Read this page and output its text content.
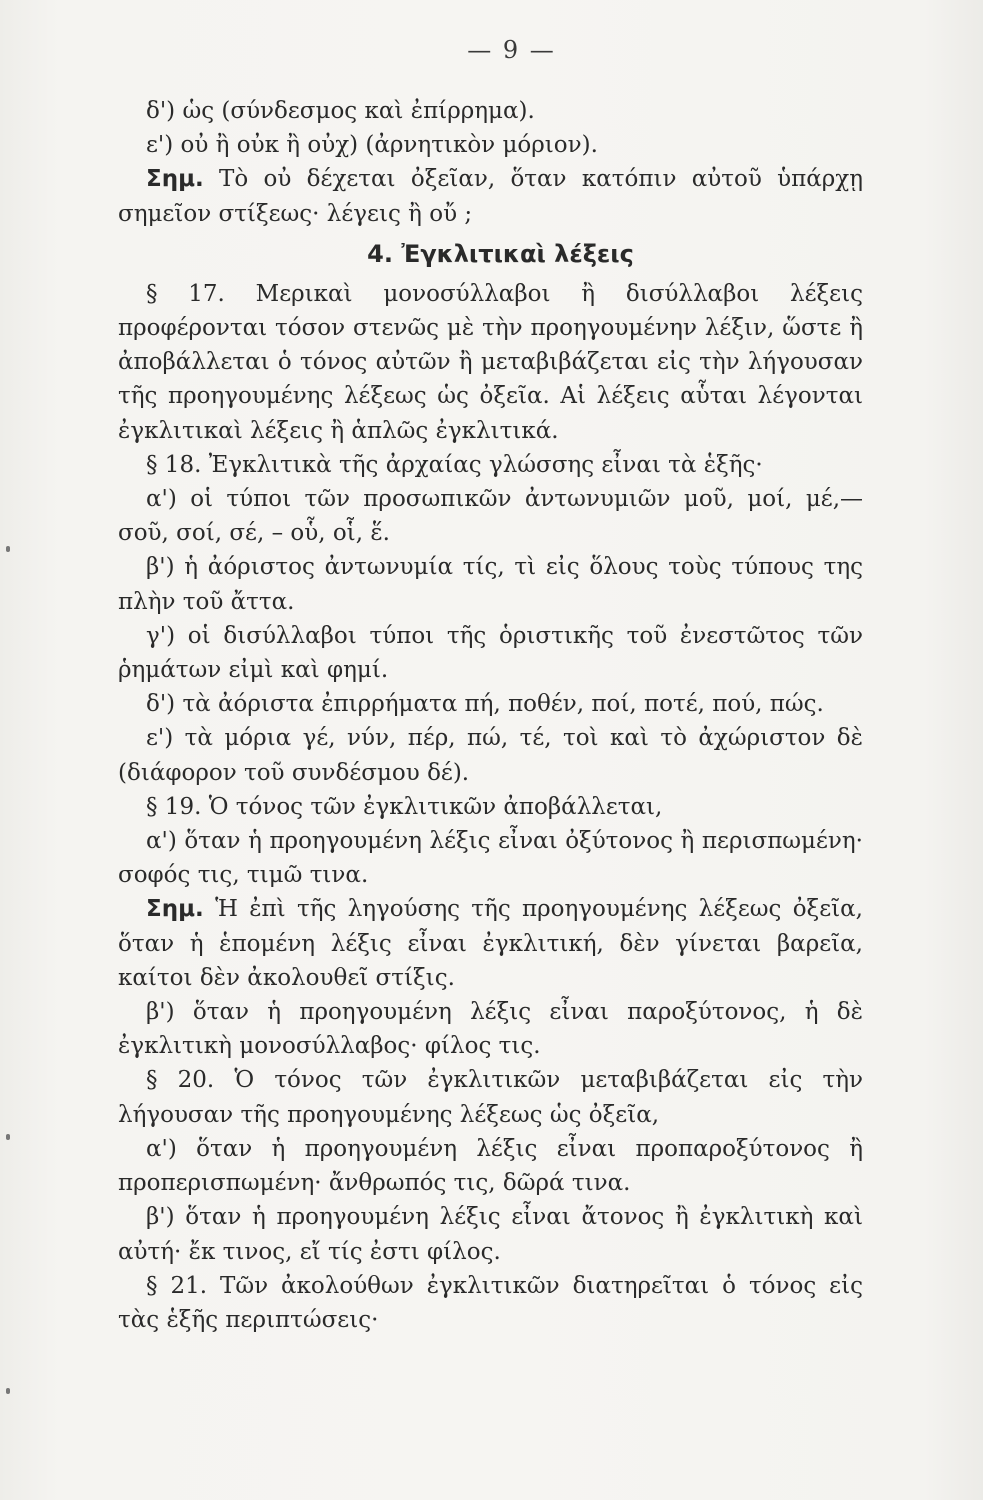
— 9 —

δ') ὡς (σύνδεσμος καὶ ἐπίρρημα).

ε') οὐ ἢ οὐκ ἢ οὐχ) (ἀρνητικὸν μόριον).

Σημ. Τὸ οὐ δέχεται ὀξεῖαν, ὅταν κατόπιν αὐτοῦ ὑπάρχῃ σημεῖον στίξεως· λέγεις ἢ οὔ ;

4. Ἐγκλιτικαὶ λέξεις

§ 17. Μερικαὶ μονοσύλλαβοι ἢ δισύλλαβοι λέξεις προφέρονται τόσον στενῶς μὲ τὴν προηγουμένην λέξιν, ὥστε ἢ ἀποβάλλεται ὁ τόνος αὐτῶν ἢ μεταβιβάζεται εἰς τὴν λήγουσαν τῆς προηγουμένης λέξεως ὡς ὀξεῖα. Αἱ λέξεις αὗται λέγονται ἐγκλιτικαὶ λέξεις ἢ ἁπλῶς ἐγκλιτικά.

§ 18. Ἐγκλιτικὰ τῆς ἀρχαίας γλώσσης εἶναι τὰ ἑξῆς·

α') οἱ τύποι τῶν προσωπικῶν ἀντωνυμιῶν μοῦ, μοί, μέ,—σοῦ, σοί, σέ, – οὗ, οἷ, ἕ.

β') ἡ ἀόριστος ἀντωνυμία τίς, τὶ εἰς ὅλους τοὺς τύπους της πλὴν τοῦ ἄττα.

γ') οἱ δισύλλαβοι τύποι τῆς ὁριστικῆς τοῦ ἐνεστῶτος τῶν ῥημάτων εἰμὶ καὶ φημί.

δ') τὰ ἀόριστα ἐπιρρήματα πή, ποθέν, ποί, ποτέ, πού, πώς.

ε') τὰ μόρια γέ, νύν, πέρ, πώ, τέ, τοὶ καὶ τὸ ἀχώριστον δὲ (διάφορον τοῦ συνδέσμου δέ).

§ 19. Ὁ τόνος τῶν ἐγκλιτικῶν ἀποβάλλεται,

α') ὅταν ἡ προηγουμένη λέξις εἶναι ὀξύτονος ἢ περισπωμένη· σοφός τις, τιμῶ τινα.

Σημ. Ἡ ἐπὶ τῆς ληγούσης τῆς προηγουμένης λέξεως ὀξεῖα, ὅταν ἡ ἑπομένη λέξις εἶναι ἐγκλιτική, δὲν γίνεται βαρεῖα, καίτοι δὲν ἀκολουθεῖ στίξις.

β') ὅταν ἡ προηγουμένη λέξις εἶναι παροξύτονος, ἡ δὲ ἐγκλιτικὴ μονοσύλλαβος· φίλος τις.

§ 20. Ὁ τόνος τῶν ἐγκλιτικῶν μεταβιβάζεται εἰς τὴν λήγουσαν τῆς προηγουμένης λέξεως ὡς ὀξεῖα,

α') ὅταν ἡ προηγουμένη λέξις εἶναι προπαροξύτονος ἢ προπερισπωμένη· ἄνθρωπός τις, δῶρά τινα.

β') ὅταν ἡ προηγουμένη λέξις εἶναι ἄτονος ἢ ἐγκλιτικὴ καὶ αὐτή· ἔκ τινος, εἴ τίς ἐστι φίλος.

§ 21. Τῶν ἀκολούθων ἐγκλιτικῶν διατηρεῖται ὁ τόνος εἰς τὰς ἑξῆς περιπτώσεις·
